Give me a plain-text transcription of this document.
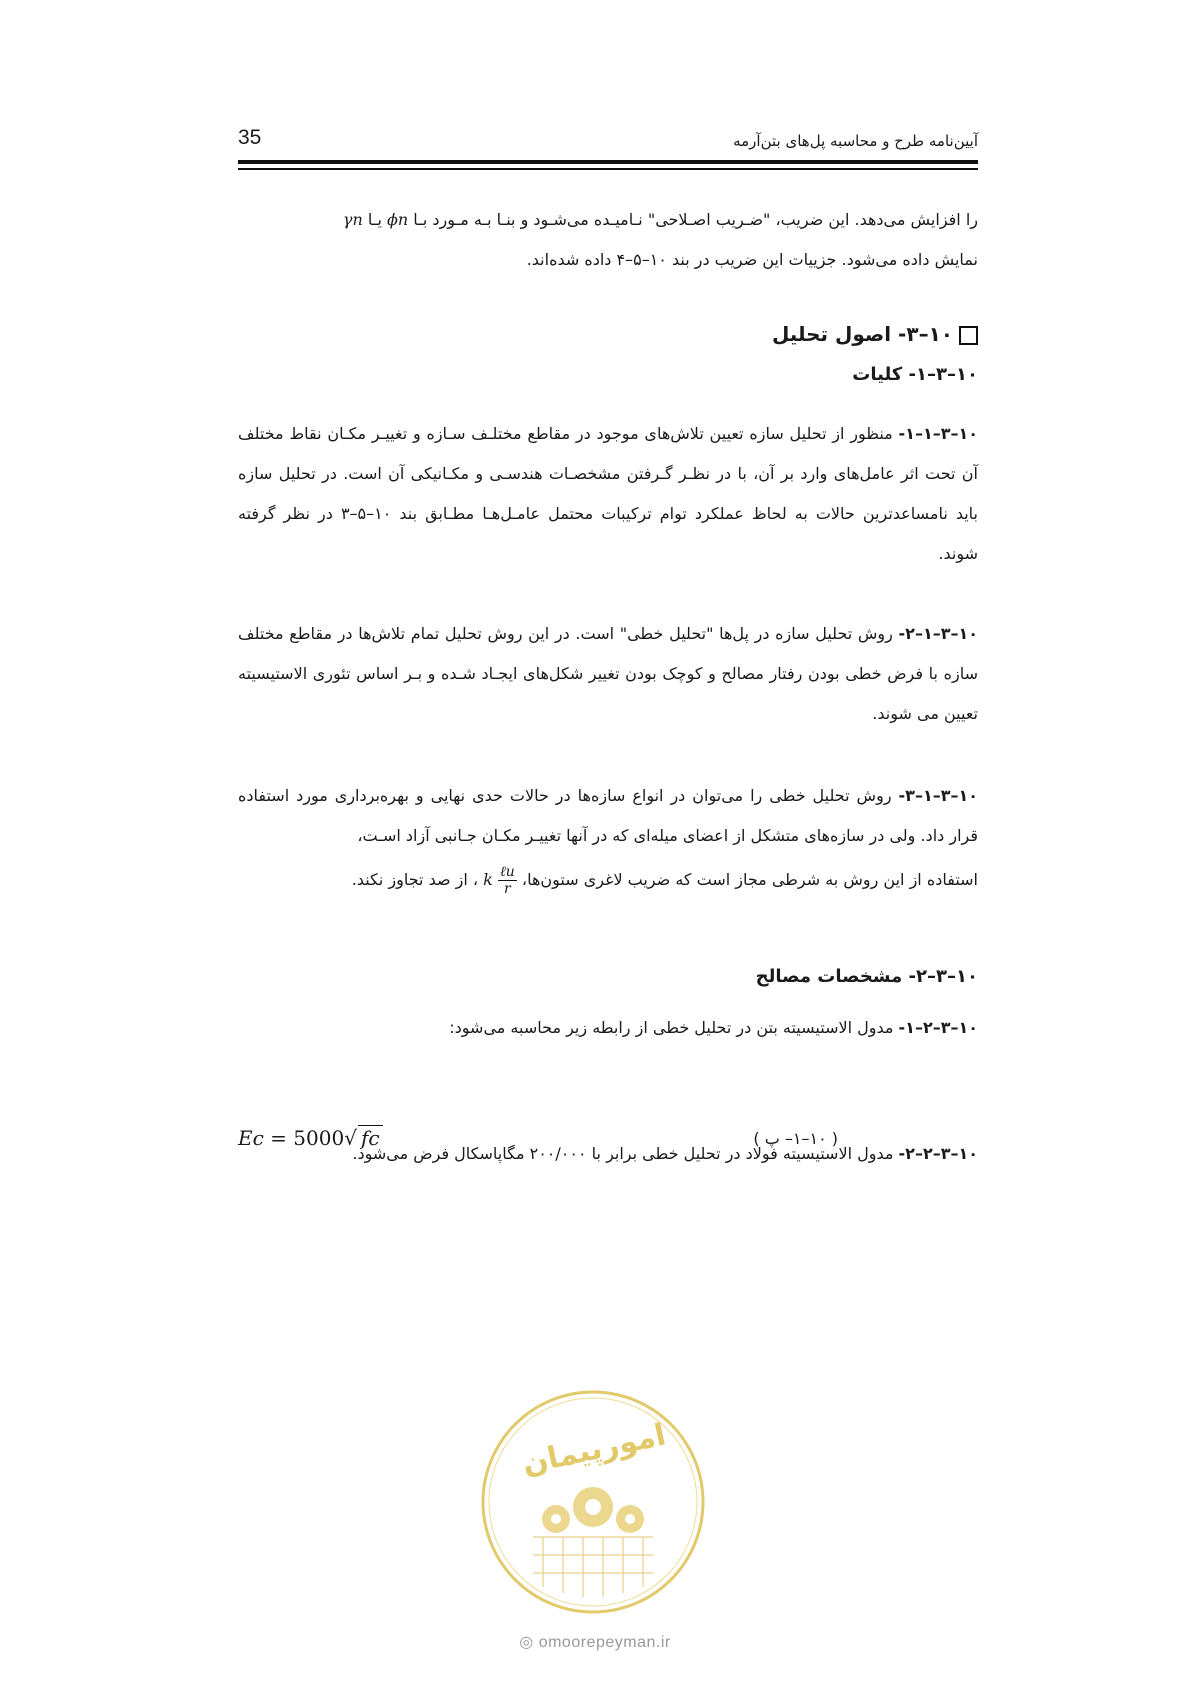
35	آیین‌نامه طرح و محاسبه پل‌های بتن‌آرمه

را افزایش می‌دهد. این ضریب، "ضـریب اصـلاحی" نـامیـده می‌شـود و بنـا بـه مـورد بـا ϕn یـا γn

نمایش داده می‌شود. جزییات این ضریب در بند ۱۰–۵–۴ داده شده‌اند.

۱۰–۳- اصول تحلیل
۱۰–۳–۱- کلیات

۱۰–۳–۱–۱- منظور از تحلیل سازه تعیین تلاش‌های موجود در مقاطع مختلـف سـازه و تغییـر مکـان نقاط مختلف آن تحت اثر عامل‌های وارد بر آن، با در نظـر گـرفتن مشخصـات هندسـی و مکـانیکی آن است. در تحلیل سازه باید نامساعدترین حالات به لحاظ عملکرد توام ترکیبات محتمل عامـل‌هـا مطـابق بند ۱۰–۵–۳ در نظر گرفته شوند.

۱۰–۳–۱–۲- روش تحلیل سازه در پل‌ها "تحلیل خطی" است. در این روش تحلیل تمام تلاش‌ها در مقاطع مختلف سازه با فرض خطی بودن رفتار مصالح و کوچک بودن تغییر شکل‌های ایجـاد شـده و بـر اساس تئوری الاستیسیته تعیین می شوند.

۱۰–۳–۱–۳- روش تحلیل خطی را می‌توان در انواع سازه‌ها در حالات حدی نهایی و بهره‌برداری مورد استفاده قرار داد. ولی در سازه‌های متشکل از اعضای میله‌ای که در آنها تغییـر مکـان جـانبی آزاد اسـت،

استفاده از این روش به شرطی مجاز است که ضریب لاغری ستون‌ها، k $\frac{\text{ℓu}}{r}$
، از صد تجاوز نکند.

۱۰–۳–۲- مشخصات مصالح

۱۰–۳–۲–۱- مدول الاستیسیته بتن در تحلیل خطی از رابطه زیر محاسبه می‌شود:

Ec = 5000√ fc	( ۱۰–۱– پ )

۱۰–۳–۲–۲- مدول الاستیسیته فولاد در تحلیل خطی برابر با ۲۰۰/۰۰۰ مگاپاسکال فرض می‌شود.

امورپیمان
◎ omoorepeyman.ir
